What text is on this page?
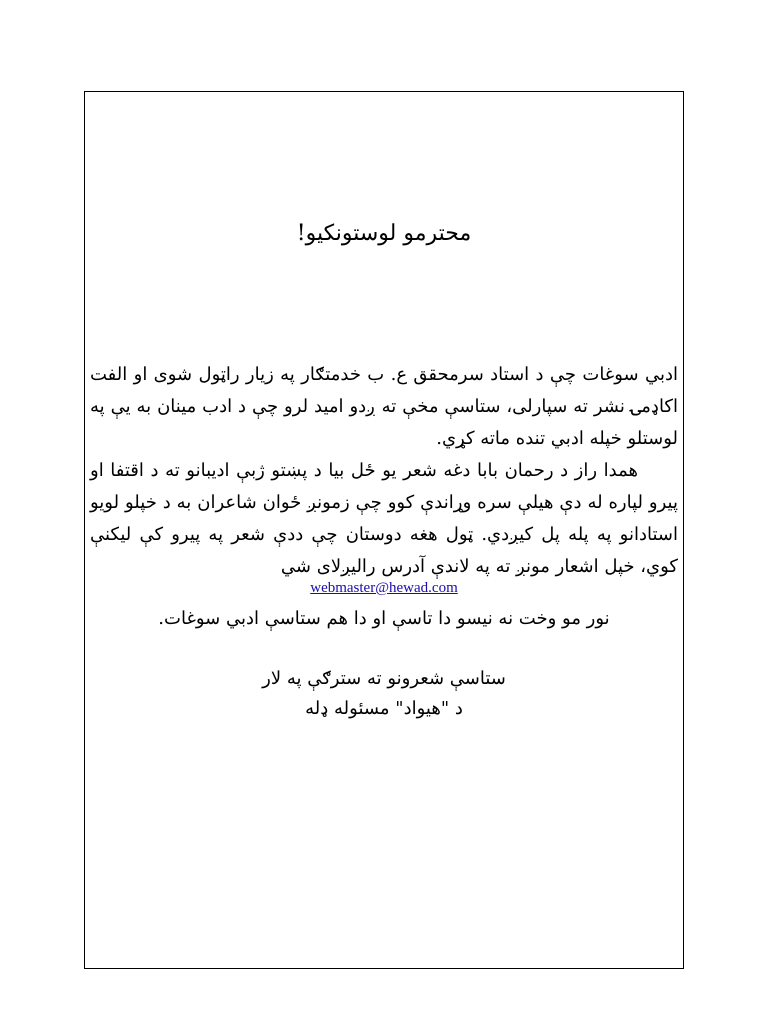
محترمو لوستونکيو!

ادبي سوغات چې د استاد سرمحقق ع. ب خدمتګار په زيار راټول شوی او الفت اکاډمۍ نشر ته سپارلی، ستاسې مخې ته ږدو اميد لرو چې د ادب مينان به يې په لوستلو خپله ادبي تنده ماته کړي.

همدا راز د رحمان بابا دغه شعر يو ځل بيا د پښتو ژبې اديبانو ته د اقتفا او پيرو لپاره له دې هيلې سره وړاندې کوو چې زمونږ ځوان شاعران به د خپلو لويو استادانو په پله پل کيږدي. ټول هغه دوستان چې ددې شعر په پيرو کې ليکنې کوي، خپل اشعار مونږ ته په لاندې آدرس راليږلای شي

webmaster@hewad.com
نور مو وخت نه نيسو دا تاسې او دا هم ستاسې ادبي سوغات.
ستاسې شعرونو ته سترګې په لار
د "هيواد" مسئوله ډله
